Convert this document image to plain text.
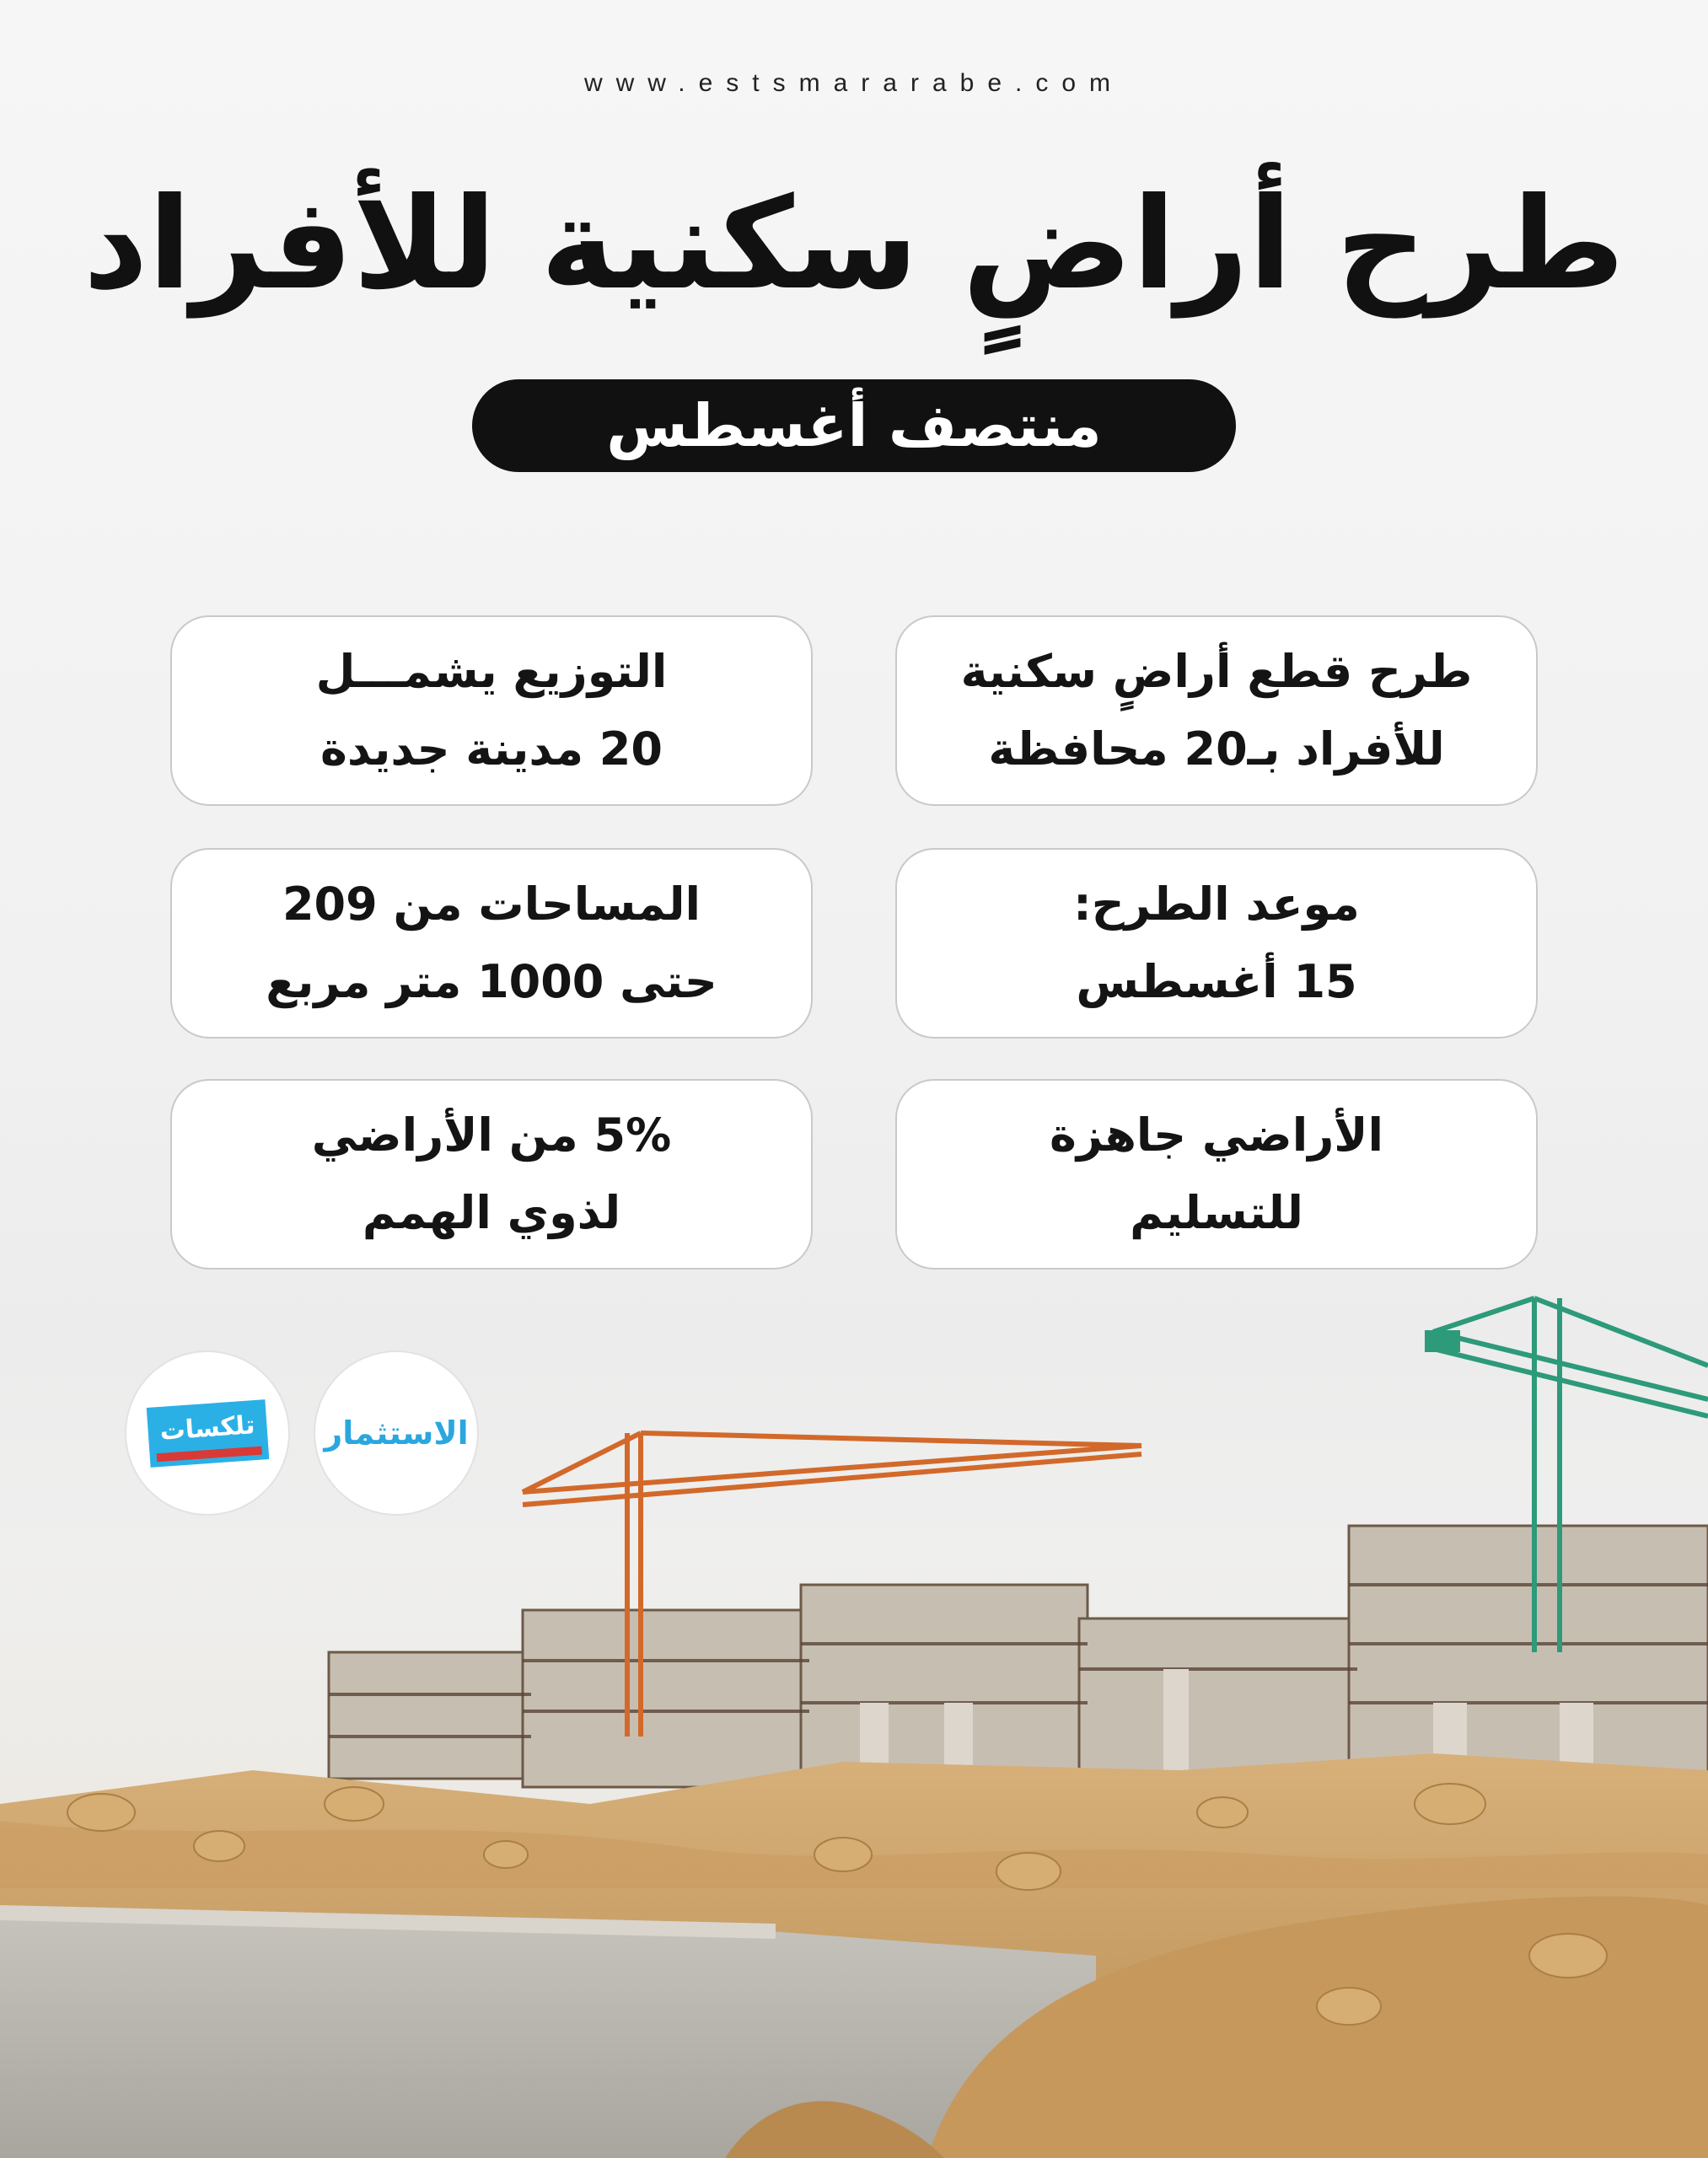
www.estsmararabe.com
طرح أراضٍ سكنية للأفراد
منتصف أغسطس
طرح قطع أراضٍ سكنية
للأفراد بـ20 محافظة
موعد الطرح:
15 أغسطس
الأراضي جاهزة
للتسليم
التوزيع يشمـــل
20 مدينة جديدة
المساحات من 209
حتى 1000 متر مربع
5% من الأراضي
لذوي الهمم
تلكسات	الاستثمار
